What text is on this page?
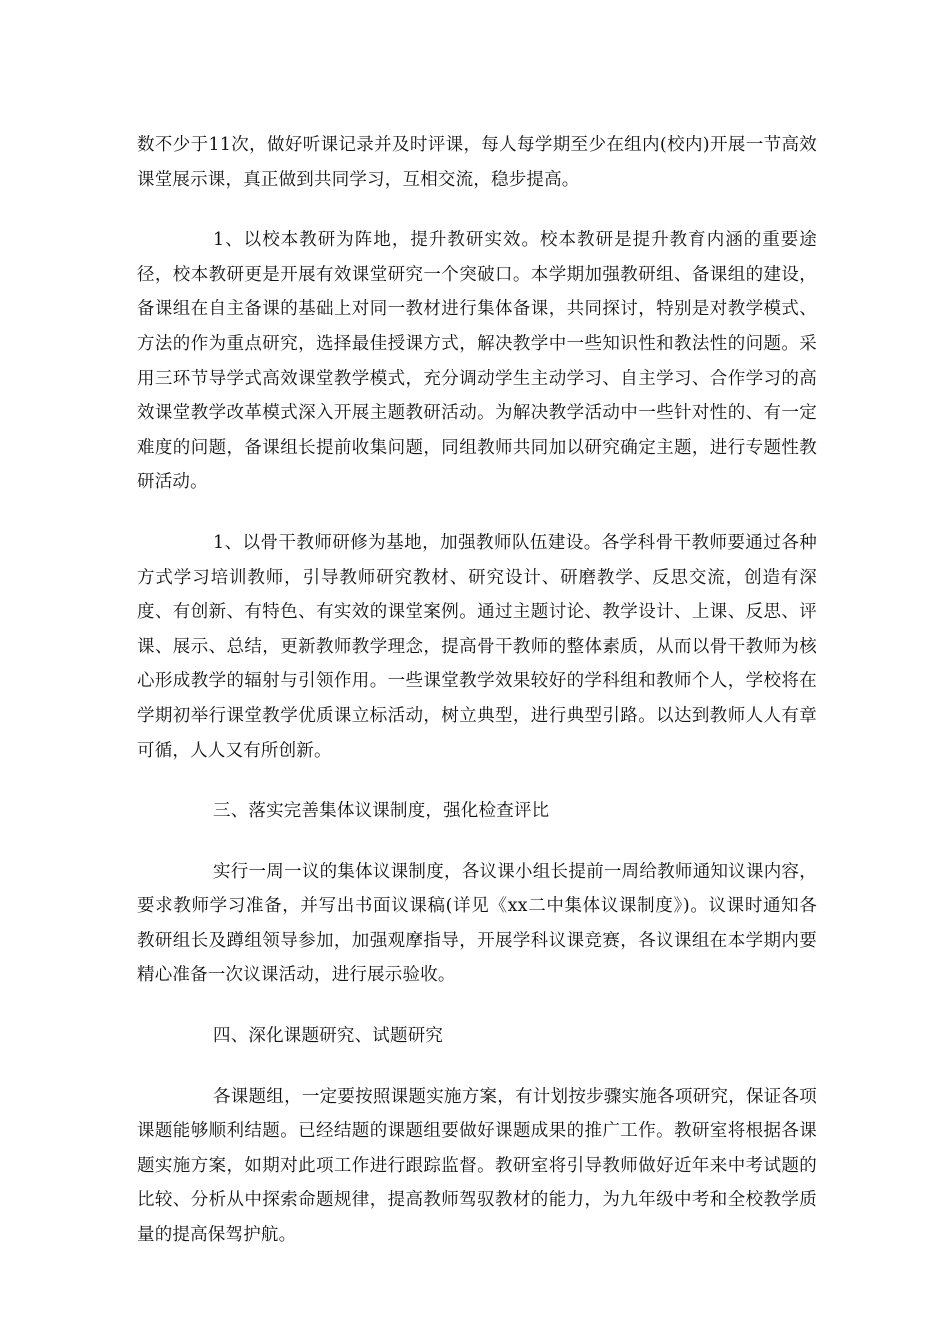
数不少于11次，做好听课记录并及时评课，每人每学期至少在组内(校内)开展一节高效课堂展示课，真正做到共同学习，互相交流，稳步提高。

1、以校本教研为阵地，提升教研实效。校本教研是提升教育内涵的重要途径，校本教研更是开展有效课堂研究一个突破口。本学期加强教研组、备课组的建设，备课组在自主备课的基础上对同一教材进行集体备课，共同探讨，特别是对教学模式、方法的作为重点研究，选择最佳授课方式，解决教学中一些知识性和教法性的问题。采用三环节导学式高效课堂教学模式，充分调动学生主动学习、自主学习、合作学习的高效课堂教学改革模式深入开展主题教研活动。为解决教学活动中一些针对性的、有一定难度的问题，备课组长提前收集问题，同组教师共同加以研究确定主题，进行专题性教研活动。

1、以骨干教师研修为基地，加强教师队伍建设。各学科骨干教师要通过各种方式学习培训教师，引导教师研究教材、研究设计、研磨教学、反思交流，创造有深度、有创新、有特色、有实效的课堂案例。通过主题讨论、教学设计、上课、反思、评课、展示、总结，更新教师教学理念，提高骨干教师的整体素质，从而以骨干教师为核心形成教学的辐射与引领作用。一些课堂教学效果较好的学科组和教师个人，学校将在学期初举行课堂教学优质课立标活动，树立典型，进行典型引路。以达到教师人人有章可循，人人又有所创新。

三、落实完善集体议课制度，强化检查评比

实行一周一议的集体议课制度，各议课小组长提前一周给教师通知议课内容，要求教师学习准备，并写出书面议课稿(详见《xx二中集体议课制度》)。议课时通知各教研组长及蹲组领导参加，加强观摩指导，开展学科议课竞赛，各议课组在本学期内要精心准备一次议课活动，进行展示验收。

四、深化课题研究、试题研究

各课题组，一定要按照课题实施方案，有计划按步骤实施各项研究，保证各项课题能够顺利结题。已经结题的课题组要做好课题成果的推广工作。教研室将根据各课题实施方案，如期对此项工作进行跟踪监督。教研室将引导教师做好近年来中考试题的比较、分析从中探索命题规律，提高教师驾驭教材的能力，为九年级中考和全校教学质量的提高保驾护航。
